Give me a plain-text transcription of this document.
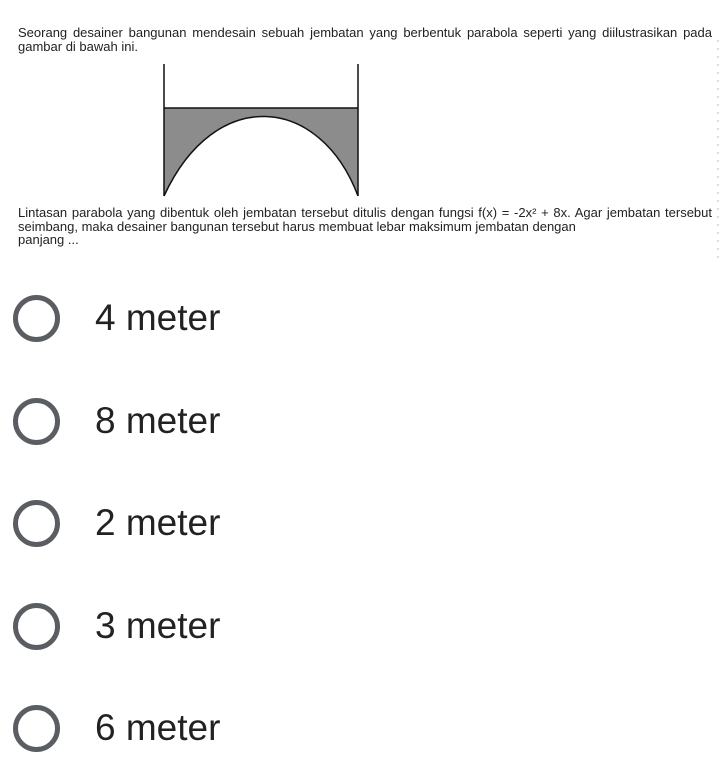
Seorang desainer bangunan mendesain sebuah jembatan yang berbentuk parabola seperti yang diilustrasikan pada gambar di bawah ini.

Lintasan parabola yang dibentuk oleh jembatan tersebut ditulis dengan fungsi f(x) = -2x² + 8x. Agar jembatan tersebut seimbang, maka desainer bangunan tersebut harus membuat lebar maksimum jembatan dengan
panjang ...

4 meter
8 meter
2 meter
3 meter
6 meter
